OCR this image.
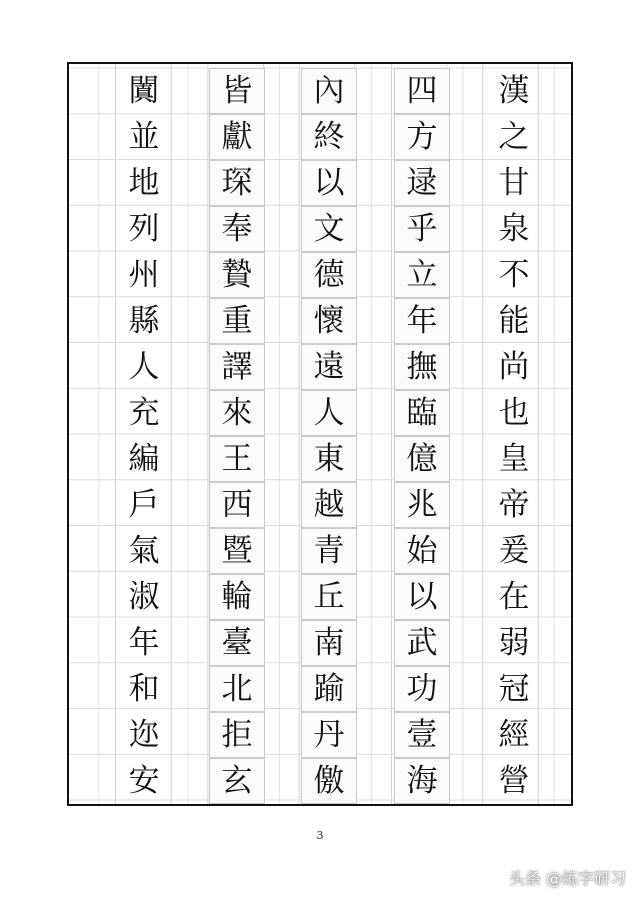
漢
之
甘
泉
不
能
尚
也
皇
帝
爰
在
弱
冠
經
營
四
方
逯
乎
立
年
撫
臨
億
兆
始
以
武
功
壹
海
內
終
以
文
德
懷
遠
人
東
越
青
丘
南
踰
丹
儌
皆
獻
琛
奉
贄
重
譯
來
王
西
暨
輪
臺
北
拒
玄
闐
並
地
列
州
縣
人
充
編
戶
氣
淑
年
和
迩
安
3
头条 @练字研习
